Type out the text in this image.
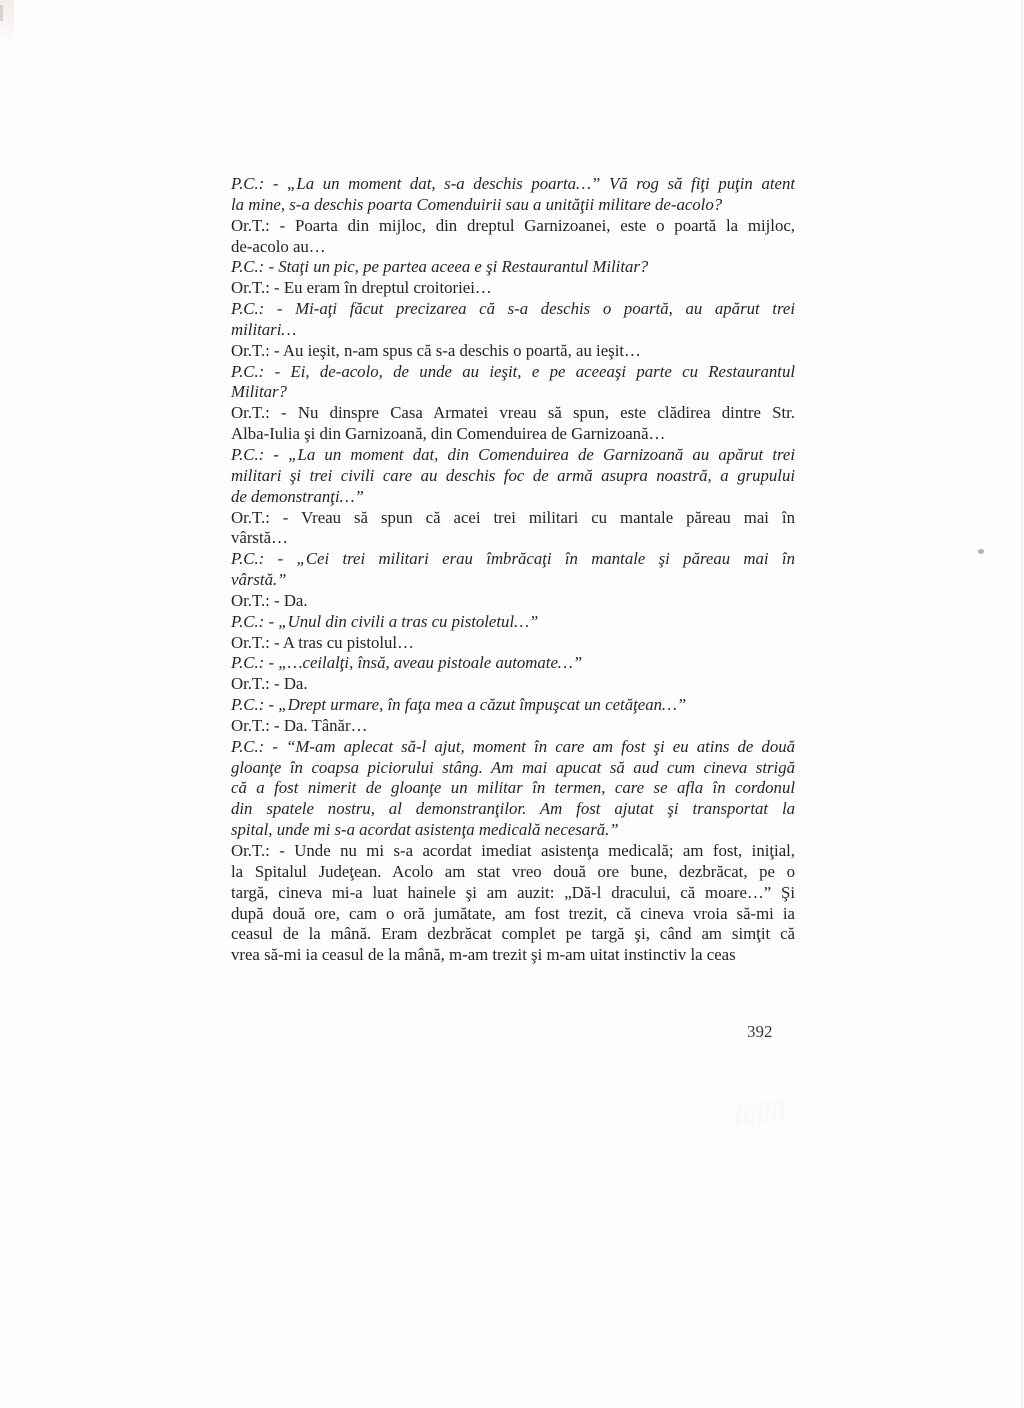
P.C.: - „La un moment dat, s-a deschis poarta…” Vă rog să fiţi puţin atent
la mine, s-a deschis poarta Comenduirii sau a unităţii militare de-acolo?
Or.T.: - Poarta din mijloc, din dreptul Garnizoanei, este o poartă la mijloc,
de-acolo au…
P.C.: - Staţi un pic, pe partea aceea e şi Restaurantul Militar?
Or.T.: - Eu eram în dreptul croitoriei…
P.C.: - Mi-aţi făcut precizarea că s-a deschis o poartă, au apărut trei
militari…
Or.T.: - Au ieşit, n-am spus că s-a deschis o poartă, au ieşit…
P.C.: - Ei, de-acolo, de unde au ieşit, e pe aceeaşi parte cu Restaurantul
Militar?
Or.T.: - Nu dinspre Casa Armatei vreau să spun, este clădirea dintre Str.
Alba-Iulia şi din Garnizoană, din Comenduirea de Garnizoană…
P.C.: - „La un moment dat, din Comenduirea de Garnizoană au apărut trei
militari şi trei civili care au deschis foc de armă asupra noastră, a grupului
de demonstranţi…”
Or.T.: - Vreau să spun că acei trei militari cu mantale păreau mai în
vârstă…
P.C.: - „Cei trei militari erau îmbrăcaţi în mantale şi păreau mai în
vârstă.”
Or.T.: - Da.
P.C.: - „Unul din civili a tras cu pistoletul…”
Or.T.: - A tras cu pistolul…
P.C.: - „…ceilalţi, însă, aveau pistoale automate…”
Or.T.: - Da.
P.C.: - „Drept urmare, în faţa mea a căzut împuşcat un cetăţean…”
Or.T.: - Da. Tânăr…
P.C.: - “M-am aplecat să-l ajut, moment în care am fost şi eu atins de două
gloanţe în coapsa piciorului stâng. Am mai apucat să aud cum cineva strigă
că a fost nimerit de gloanţe un militar în termen, care se afla în cordonul
din spatele nostru, al demonstranţilor. Am fost ajutat şi transportat la
spital, unde mi s-a acordat asistenţa medicală necesară.”
Or.T.: - Unde nu mi s-a acordat imediat asistenţa medicală; am fost, iniţial,
la Spitalul Judeţean. Acolo am stat vreo două ore bune, dezbrăcat, pe o
targă, cineva mi-a luat hainele şi am auzit: „Dă-l dracului, că moare…” Şi
după două ore, cam o oră jumătate, am fost trezit, că cineva vroia să-mi ia
ceasul de la mână. Eram dezbrăcat complet pe targă şi, când am simţit că
vrea să-mi ia ceasul de la mână, m-am trezit şi m-am uitat instinctiv la ceas
392
